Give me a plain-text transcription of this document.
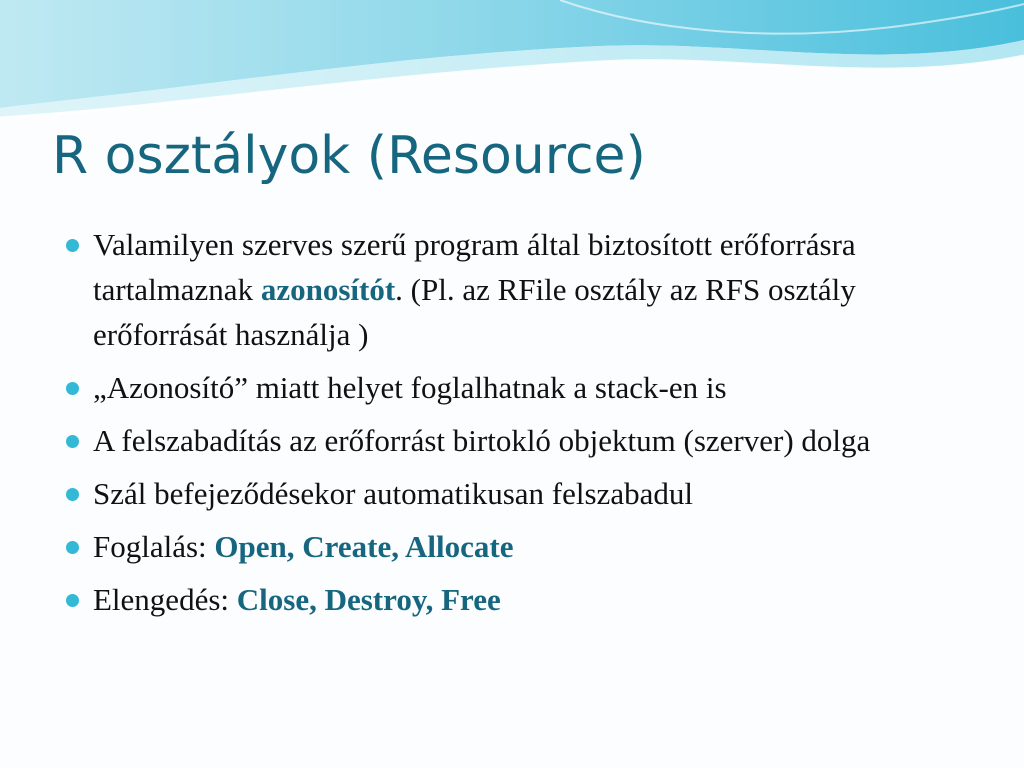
R osztályok (Resource)
Valamilyen szerves szerű program által biztosított erőforrásra tartalmaznak azonosítót. (Pl. az RFile osztály az RFS osztály erőforrását használja )
„Azonosító” miatt helyet foglalhatnak a stack-en is
A felszabadítás az erőforrást birtokló objektum (szerver) dolga
Szál befejeződésekor automatikusan felszabadul
Foglalás: Open, Create, Allocate
Elengedés: Close, Destroy, Free
